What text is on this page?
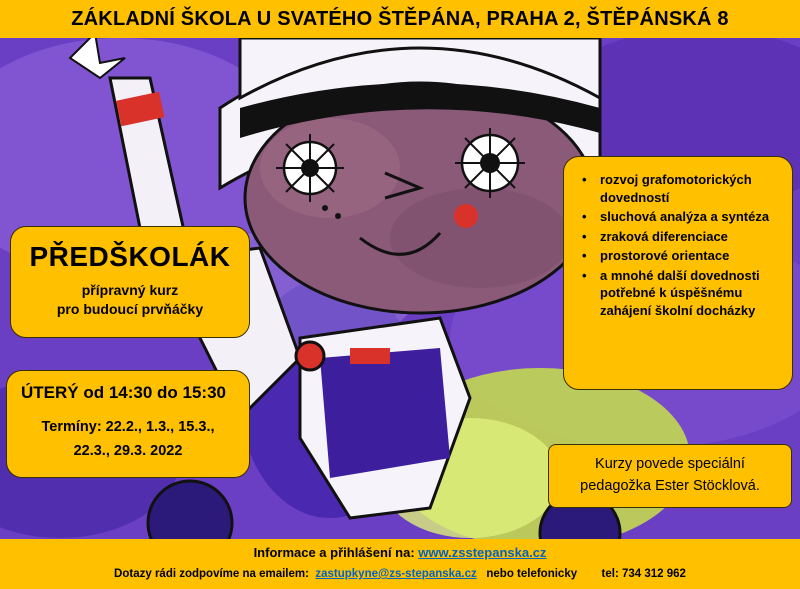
ZÁKLADNÍ ŠKOLA U SVATÉHO ŠTĚPÁNA, PRAHA 2, ŠTĚPÁNSKÁ 8
PŘEDŠKOLÁK
přípravný kurz
pro budoucí prvňáčky
ÚTERÝ od 14:30 do 15:30
Termíny: 22.2., 1.3., 15.3.,
22.3., 29.3. 2022
• rozvoj grafomotorických dovedností
• sluchová analýza a syntéza
• zraková diferenciace
• prostorové orientace
• a mnohé další dovednosti potřebné k úspěšnému zahájení školní docházky
Kurzy povede speciální
pedagožka Ester Stöcklová.
Informace a přihlášení na: www.zsstepanska.cz
Dotazy rádi zodpovíme na emailem: zastupkyne@zs-stepanska.cz nebo telefonicky tel: 734 312 962
